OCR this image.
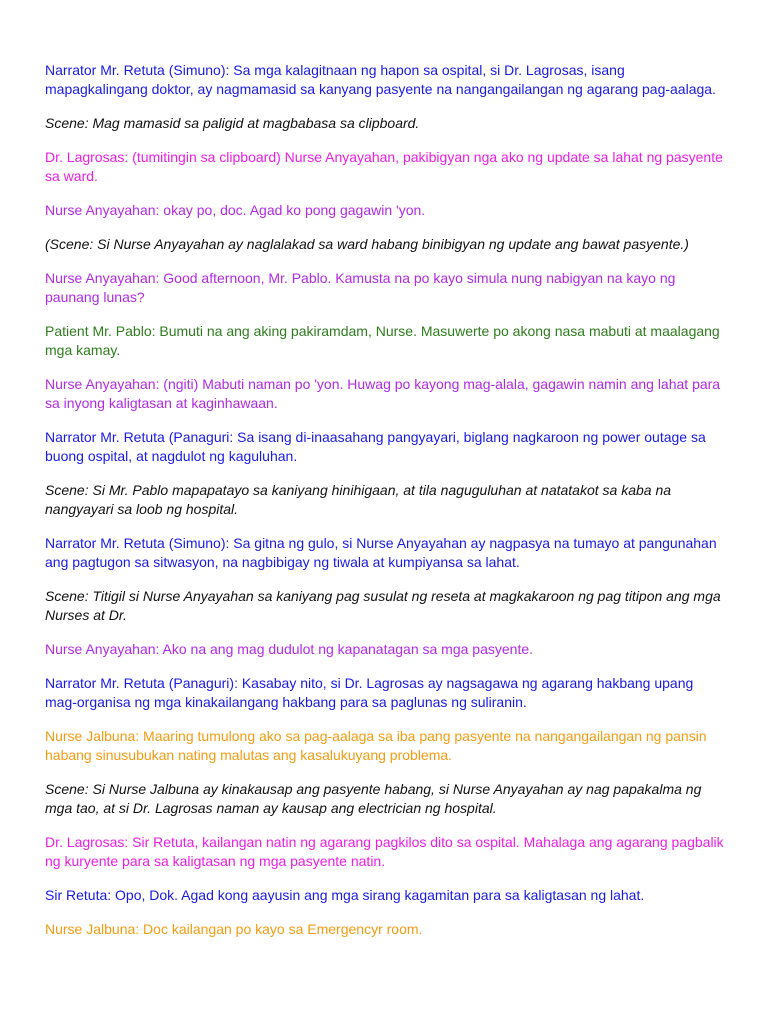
Narrator Mr. Retuta (Simuno): Sa mga kalagitnaan ng hapon sa ospital, si Dr. Lagrosas, isang mapagkalingang doktor, ay nagmamasid sa kanyang pasyente na nangangailangan ng agarang pag-aalaga.

Scene: Mag mamasid sa paligid at magbabasa sa clipboard.

Dr. Lagrosas: (tumitingin sa clipboard) Nurse Anyayahan, pakibigyan nga ako ng update sa lahat ng pasyente sa ward.

Nurse Anyayahan: okay po, doc. Agad ko pong gagawin 'yon.

(Scene: Si Nurse Anyayahan ay naglalakad sa ward habang binibigyan ng update ang bawat pasyente.)

Nurse Anyayahan: Good afternoon, Mr. Pablo. Kamusta na po kayo simula nung nabigyan na kayo ng paunang lunas?

Patient Mr. Pablo: Bumuti na ang aking pakiramdam, Nurse. Masuwerte po akong nasa mabuti at maalagang mga kamay.

Nurse Anyayahan: (ngiti) Mabuti naman po 'yon. Huwag po kayong mag-alala, gagawin namin ang lahat para sa inyong kaligtasan at kaginhawaan.

Narrator Mr. Retuta (Panaguri: Sa isang di-inaasahang pangyayari, biglang nagkaroon ng power outage sa buong ospital, at nagdulot ng kaguluhan.

Scene: Si Mr. Pablo mapapatayo sa kaniyang hinihigaan, at tila naguguluhan at natatakot sa kaba na nangyayari sa loob ng hospital.

Narrator Mr. Retuta (Simuno): Sa gitna ng gulo, si Nurse Anyayahan ay nagpasya na tumayo at pangunahan ang pagtugon sa sitwasyon, na nagbibigay ng tiwala at kumpiyansa sa lahat.

Scene: Titigil si Nurse Anyayahan sa kaniyang pag susulat ng reseta at magkakaroon ng pag titipon ang mga Nurses at Dr.

Nurse Anyayahan: Ako na ang mag dudulot ng kapanatagan sa mga pasyente.

Narrator Mr. Retuta (Panaguri): Kasabay nito, si Dr. Lagrosas ay nagsagawa ng agarang hakbang upang mag-organisa ng mga kinakailangang hakbang para sa paglunas ng suliranin.

Nurse Jalbuna: Maaring tumulong ako sa pag-aalaga sa iba pang pasyente na nangangailangan ng pansin habang sinusubukan nating malutas ang kasalukuyang problema.

Scene: Si Nurse Jalbuna ay kinakausap ang pasyente habang, si Nurse Anyayahan ay nag papakalma ng mga tao, at si Dr. Lagrosas naman ay kausap ang electrician ng hospital.

Dr. Lagrosas: Sir Retuta, kailangan natin ng agarang pagkilos dito sa ospital. Mahalaga ang agarang pagbalik ng kuryente para sa kaligtasan ng mga pasyente natin.

Sir Retuta: Opo, Dok. Agad kong aayusin ang mga sirang kagamitan para sa kaligtasan ng lahat.

Nurse Jalbuna: Doc kailangan po kayo sa Emergencyr room.
